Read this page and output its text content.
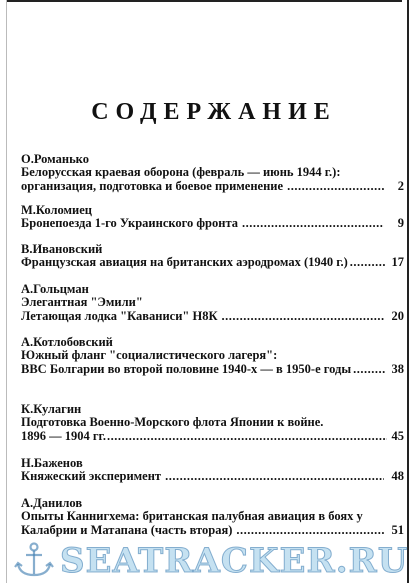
СОДЕРЖАНИЕ
О.Романько
Белорусская краевая оборона (февраль — июнь 1944 г.):
организация, подготовка и боевое применение .....	2
М.Коломиец
Бронепоезда 1-го Украинского фронта .....	9
В.Ивановский
Французская авиация на британских аэродромах (1940 г.) .....	17
А.Гольцман
Элегантная "Эмили"
Летающая лодка "Каваниси" Н8К .....	20
А.Котлобовский
Южный фланг "социалистического лагеря":
ВВС Болгарии во второй половине 1940-х — в 1950-е годы .....	38
К.Кулагин
Подготовка Военно-Морского флота Японии к войне.
1896 — 1904 гг. .....	45
Н.Баженов
Княжеский эксперимент .....	48
А.Данилов
Опыты Каннигхема: британская палубная авиация в боях у
Калабрии и Матапана (часть вторая) .....	51
SEATRACKER.RU
